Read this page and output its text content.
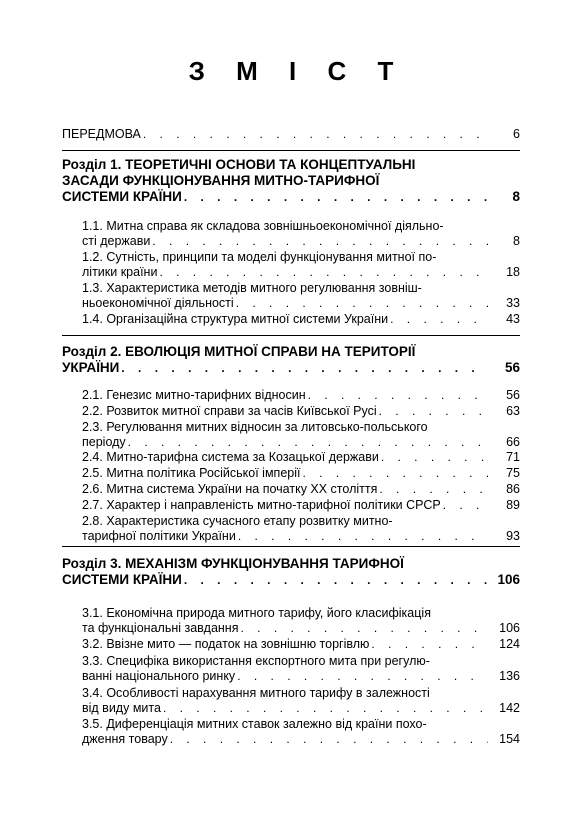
З М І С Т
ПЕРЕДМОВА . . .	6
Розділ 1. ТЕОРЕТИЧНІ ОСНОВИ ТА КОНЦЕПТУАЛЬНІ
ЗАСАДИ ФУНКЦІОНУВАННЯ МИТНО-ТАРИФНОЇ
СИСТЕМИ КРАЇНИ . . .	8
1.1. Митна справа як складова зовнішньоекономічної діяльно-
сті держави . . .	8
1.2. Сутність, принципи та моделі функціонування митної по-
літики країни . . .	18
1.3. Характеристика методів митного регулювання зовніш-
ньоекономічної діяльності . . .	33
1.4. Організаційна структура митної системи України . . .	43
Розділ 2. ЕВОЛЮЦІЯ МИТНОЇ СПРАВИ НА ТЕРИТОРІЇ
УКРАЇНИ . . .	56
2.1. Генезис митно-тарифних відносин . . .	56
2.2. Розвиток митної справи за часів Київської Русі . . .	63
2.3. Регулювання митних відносин за литовсько-польського
періоду . . .	66
2.4. Митно-тарифна система за Козацької держави . . .	71
2.5. Митна політика Російської імперії . . .	75
2.6. Митна система України на початку ХХ століття . . .	86
2.7. Характер і направленість митно-тарифної політики СРСР . . .	89
2.8. Характеристика сучасного етапу розвитку митно-
тарифної політики України . . .	93
Розділ 3. МЕХАНІЗМ ФУНКЦІОНУВАННЯ ТАРИФНОЇ
СИСТЕМИ КРАЇНИ . . .	106
3.1. Економічна природа митного тарифу, його класифікація
та функціональні завдання . . .	106
3.2. Ввізне мито — податок на зовнішню торгівлю . . .	124
3.3. Специфіка використання експортного мита при регулю-
ванні національного ринку . . .	136
3.4. Особливості нарахування митного тарифу в залежності
від виду мита . . .	142
3.5. Диференціація митних ставок залежно від країни похо-
дження товару . . .	154
